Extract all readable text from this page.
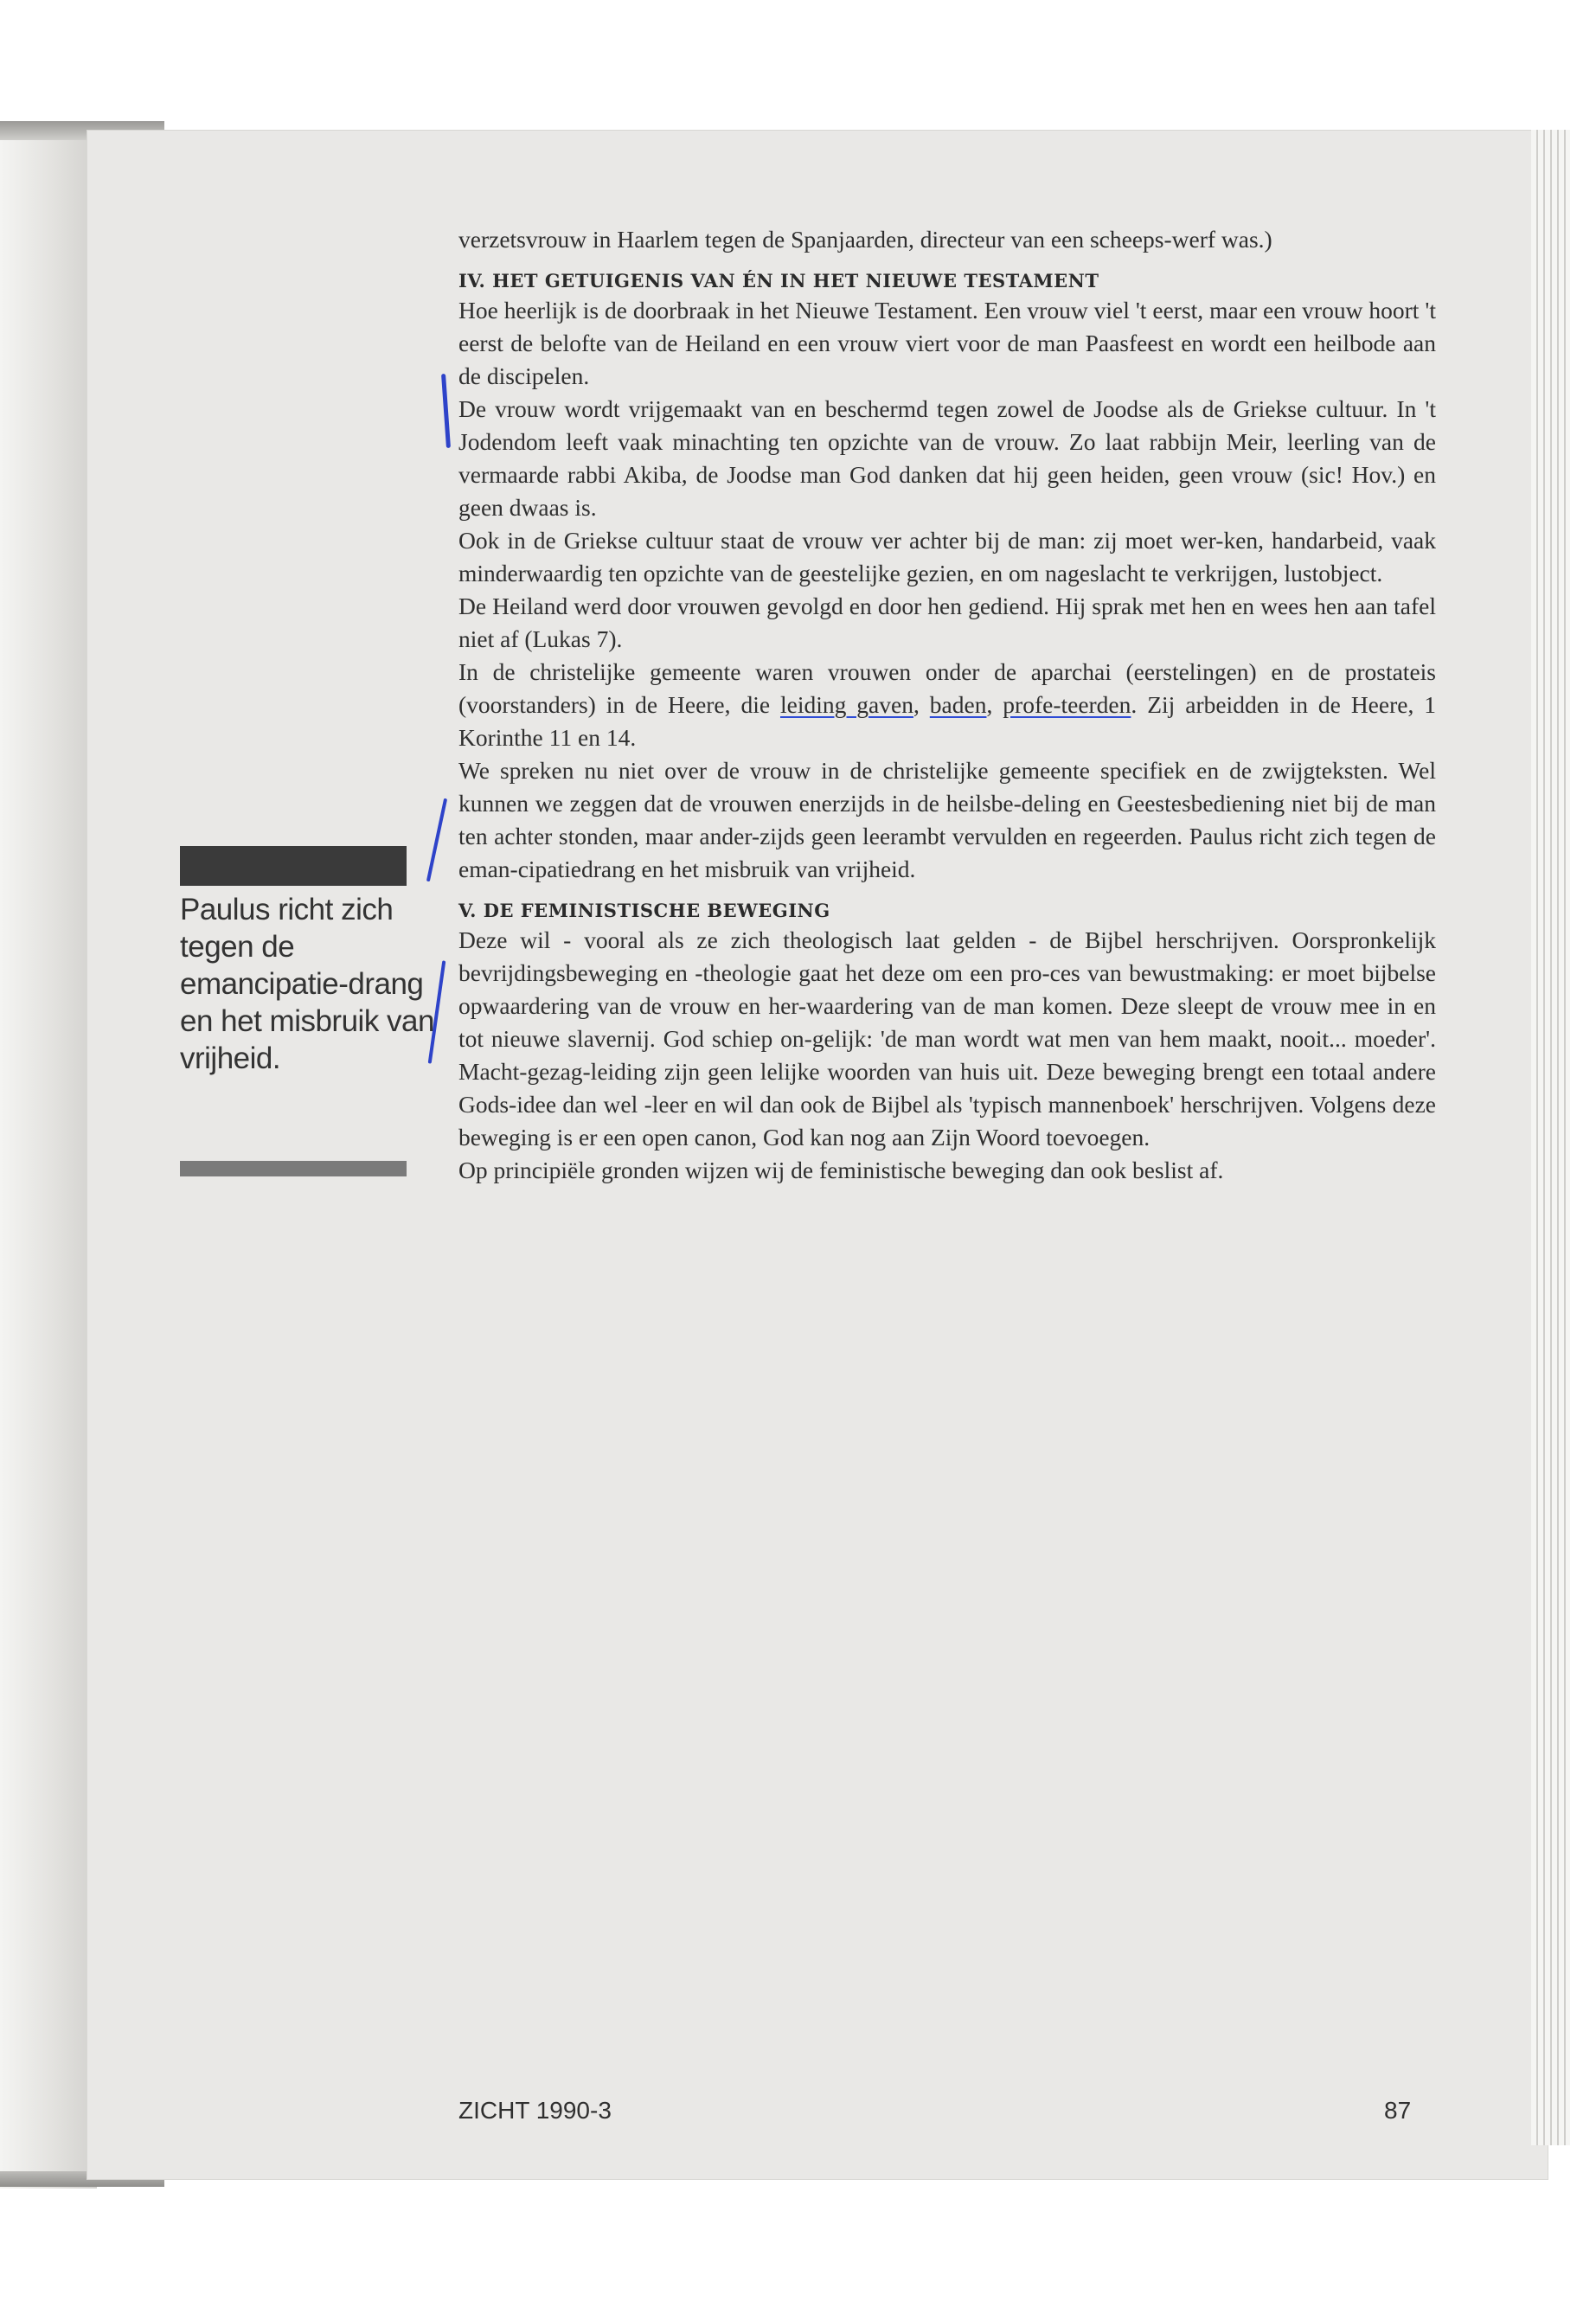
verzetsvrouw in Haarlem tegen de Spanjaarden, directeur van een scheeps-werf was.)

IV. HET GETUIGENIS VAN ÉN IN HET NIEUWE TESTAMENT

Hoe heerlijk is de doorbraak in het Nieuwe Testament. Een vrouw viel 't eerst, maar een vrouw hoort 't eerst de belofte van de Heiland en een vrouw viert voor de man Paasfeest en wordt een heilbode aan de discipelen.

De vrouw wordt vrijgemaakt van en beschermd tegen zowel de Joodse als de Griekse cultuur. In 't Jodendom leeft vaak minachting ten opzichte van de vrouw. Zo laat rabbijn Meir, leerling van de vermaarde rabbi Akiba, de Joodse man God danken dat hij geen heiden, geen vrouw (sic! Hov.) en geen dwaas is.

Ook in de Griekse cultuur staat de vrouw ver achter bij de man: zij moet wer-ken, handarbeid, vaak minderwaardig ten opzichte van de geestelijke gezien, en om nageslacht te verkrijgen, lustobject.

De Heiland werd door vrouwen gevolgd en door hen gediend. Hij sprak met hen en wees hen aan tafel niet af (Lukas 7).

In de christelijke gemeente waren vrouwen onder de aparchai (eerstelingen) en de prostateis (voorstanders) in de Heere, die leiding gaven, baden, profe-teerden. Zij arbeidden in de Heere, 1 Korinthe 11 en 14.

We spreken nu niet over de vrouw in de christelijke gemeente specifiek en de zwijgteksten. Wel kunnen we zeggen dat de vrouwen enerzijds in de heilsbe-deling en Geestesbediening niet bij de man ten achter stonden, maar ander-zijds geen leerambt vervulden en regeerden. Paulus richt zich tegen de eman-cipatiedrang en het misbruik van vrijheid.

V. DE FEMINISTISCHE BEWEGING

Deze wil - vooral als ze zich theologisch laat gelden - de Bijbel herschrijven. Oorspronkelijk bevrijdingsbeweging en -theologie gaat het deze om een pro-ces van bewustmaking: er moet bijbelse opwaardering van de vrouw en her-waardering van de man komen. Deze sleept de vrouw mee in en tot nieuwe slavernij. God schiep on-gelijk: 'de man wordt wat men van hem maakt, nooit... moeder'. Macht-gezag-leiding zijn geen lelijke woorden van huis uit. Deze beweging brengt een totaal andere Gods-idee dan wel -leer en wil dan ook de Bijbel als 'typisch mannenboek' herschrijven. Volgens deze beweging is er een open canon, God kan nog aan Zijn Woord toevoegen.

Op principiële gronden wijzen wij de feministische beweging dan ook beslist af.

Paulus richt zich tegen de emancipatie-drang en het misbruik van vrijheid.
ZICHT 1990-3	87
